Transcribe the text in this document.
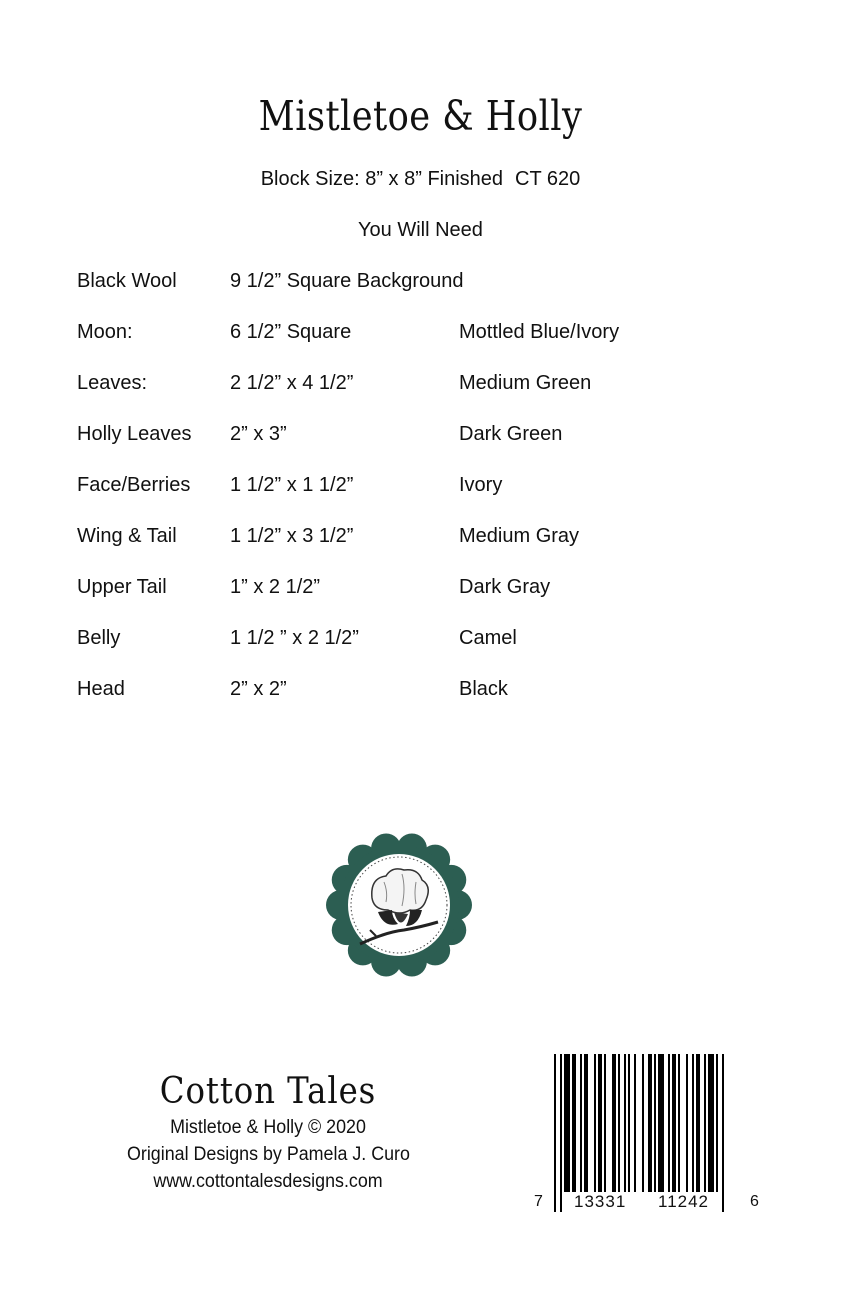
Mistletoe & Holly
Block Size: 8” x 8” Finished CT 620
You Will Need
Black Wool	9 1/2” Square Background
Moon:	6 1/2” Square	Mottled Blue/Ivory
Leaves:	2 1/2” x 4 1/2”	Medium Green
Holly Leaves 2” x 3”	Dark Green
Face/Berries 1 1/2” x 1 1/2”	Ivory
Wing & Tail	1 1/2” x 3 1/2”	Medium Gray
Upper Tail	1” x 2 1/2”	Dark Gray
Belly	1 1/2 ” x 2 1/2”	Camel
Head	2” x 2”	Black
Cotton Tales
Mistletoe & Holly © 2020
Original Designs by Pamela J. Curo
www.cottontalesdesigns.com
7 13331 11242	6
